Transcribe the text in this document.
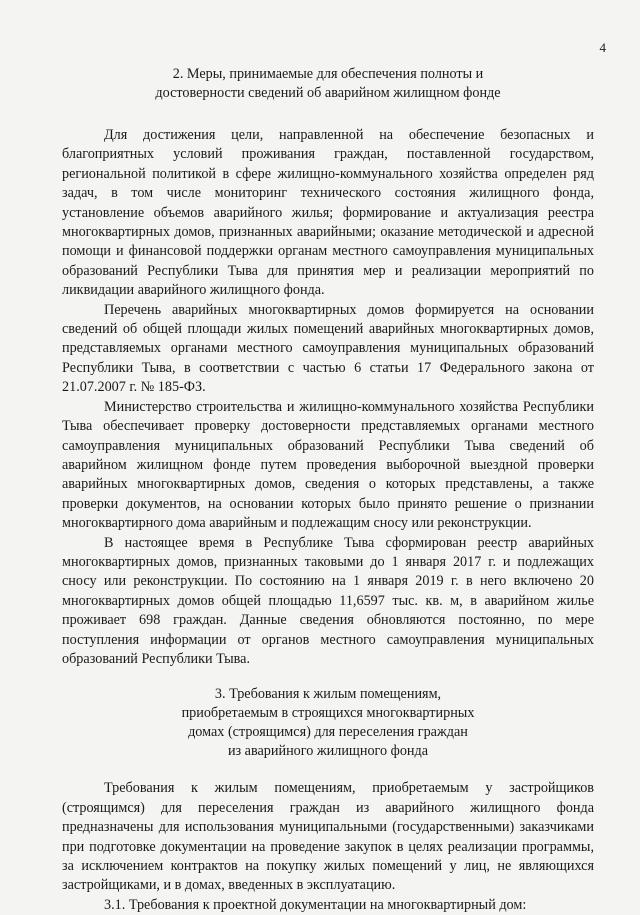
4
2. Меры, принимаемые для обеспечения полноты и
достоверности сведений об аварийном жилищном фонде

Для достижения цели, направленной на обеспечение безопасных и благоприятных условий проживания граждан, поставленной государством, региональной политикой в сфере жилищно-коммунального хозяйства определен ряд задач, в том числе мониторинг технического состояния жилищного фонда, установление объемов аварийного жилья; формирование и актуализация реестра многоквартирных домов, признанных аварийными; оказание методической и адресной помощи и финансовой поддержки органам местного самоуправления муниципальных образований Республики Тыва для принятия мер и реализации мероприятий по ликвидации аварийного жилищного фонда.

Перечень аварийных многоквартирных домов формируется на основании сведений об общей площади жилых помещений аварийных многоквартирных домов, представляемых органами местного самоуправления муниципальных образований Республики Тыва, в соответствии с частью 6 статьи 17 Федерального закона от 21.07.2007 г. № 185-ФЗ.

Министерство строительства и жилищно-коммунального хозяйства Республики Тыва обеспечивает проверку достоверности представляемых органами местного самоуправления муниципальных образований Республики Тыва сведений об аварийном жилищном фонде путем проведения выборочной выездной проверки аварийных многоквартирных домов, сведения о которых представлены, а также проверки документов, на основании которых было принято решение о признании многоквартирного дома аварийным и подлежащим сносу или реконструкции.

В настоящее время в Республике Тыва сформирован реестр аварийных многоквартирных домов, признанных таковыми до 1 января 2017 г. и подлежащих сносу или реконструкции. По состоянию на 1 января 2019 г. в него включено 20 многоквартирных домов общей площадью 11,6597 тыс. кв. м, в аварийном жилье проживает 698 граждан. Данные сведения обновляются постоянно, по мере поступления информации от органов местного самоуправления муниципальных образований Республики Тыва.

3. Требования к жилым помещениям,
приобретаемым в строящихся многоквартирных
домах (строящимся) для переселения граждан
из аварийного жилищного фонда

Требования к жилым помещениям, приобретаемым у застройщиков (строящимся) для переселения граждан из аварийного жилищного фонда предназначены для использования муниципальными (государственными) заказчиками при подготовке документации на проведение закупок в целях реализации программы, за исключением контрактов на покупку жилых помещений у лиц, не являющихся застройщиками, и в домах, введенных в эксплуатацию.

3.1. Требования к проектной документации на многоквартирный дом:
